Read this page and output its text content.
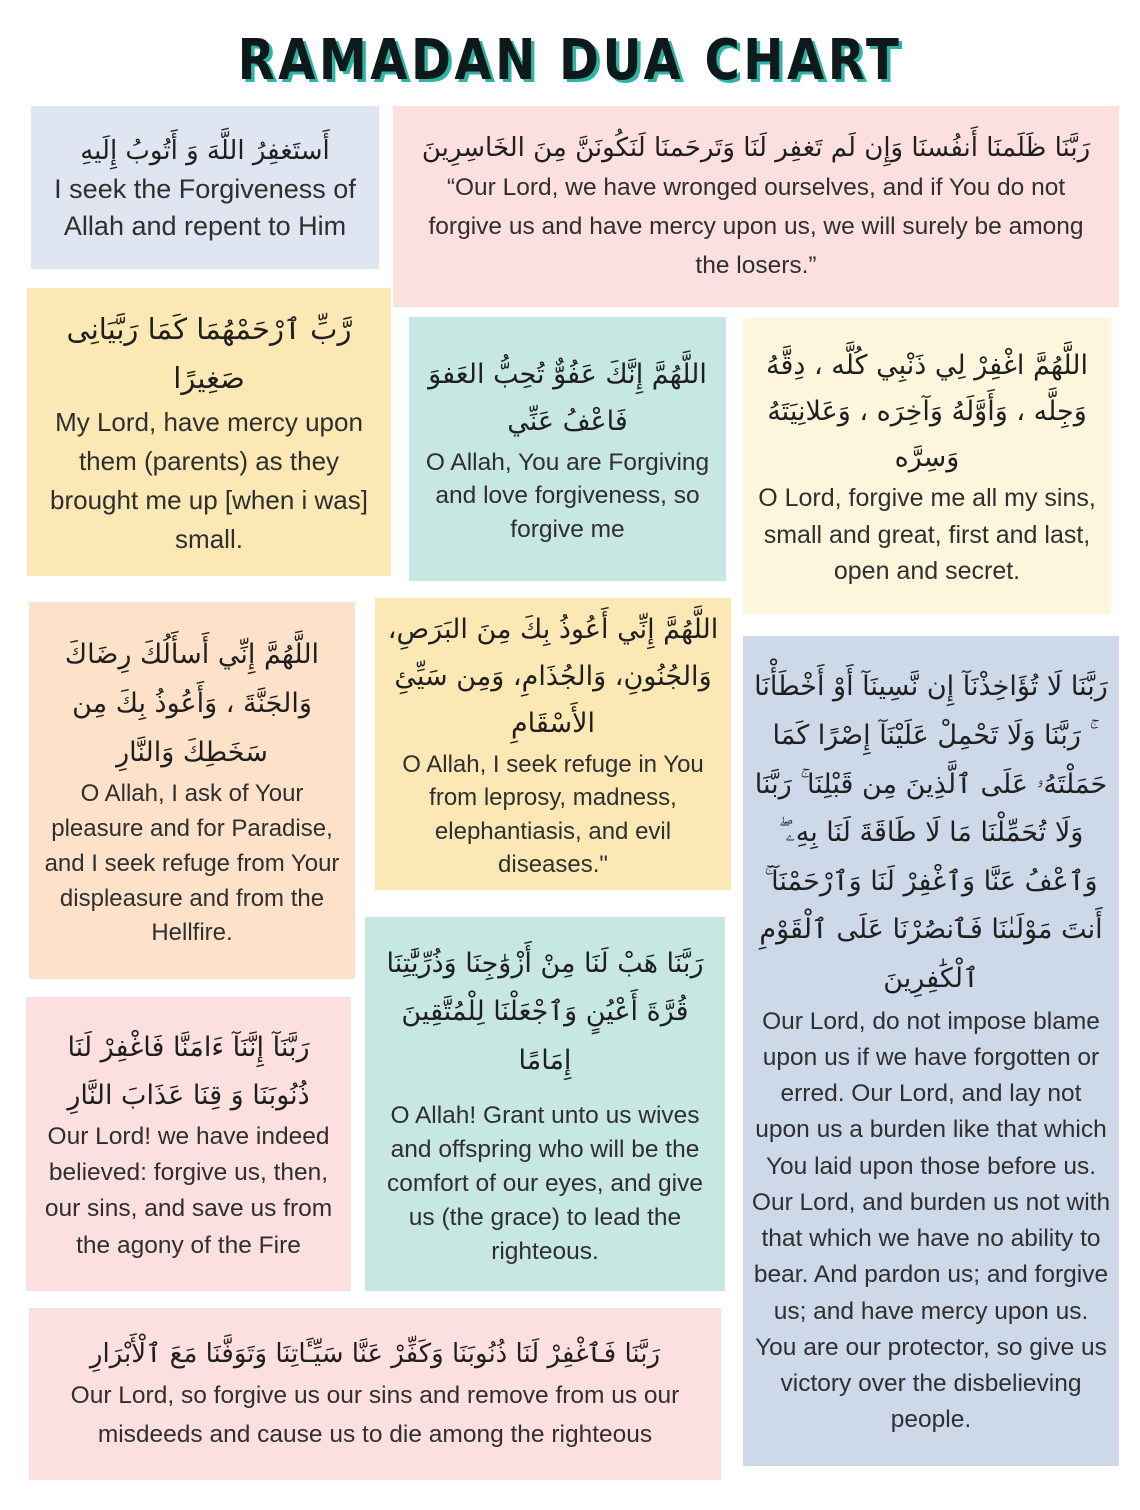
RAMADAN DUA CHART
أَستَغفِرُ اللَّهَ وَ أَتُوبُ إِلَيهِ
I seek the Forgiveness of Allah and repent to Him
رَبَّنَا ظَلَمنَا أَنفُسنَا وَإِن لَم تَغفِر لَنَا وَتَرحَمنَا لَنَكُونَنَّ مِنَ الخَاسِرِينَ
“Our Lord, we have wronged ourselves, and if You do not forgive us and have mercy upon us, we will surely be among the losers.”
رَّبِّ ٱرْحَمْهُمَا كَمَا رَبَّيَانِى صَغِيرًا
My Lord, have mercy upon them (parents) as they brought me up [when i was] small.
اللَّهُمَّ إِنَّكَ عَفُوٌّ تُحِبُّ العَفوَ فَاعْفُ عَنِّي
O Allah, You are Forgiving and love forgiveness, so forgive me
اللَّهُمَّ اغْفِرْ لِي ذَنْبِي كُلَّه ، دِقَّهُ وَجِلَّه ، وَأَوَّلَهُ وَآخِرَه ، وَعَلانِيَتَهُ وَسِرَّه
O Lord, forgive me all my sins, small and great, first and last, open and secret.
اللَّهُمَّ إِنِّي أَسأَلُكَ رِضَاكَ وَالجَنَّةَ ، وَأَعُوذُ بِكَ مِن سَخَطِكَ وَالنَّارِ
O Allah, I ask of Your pleasure and for Paradise, and I seek refuge from Your displeasure and from the Hellfire.
اللَّهُمَّ إِنِّي أَعُوذُ بِكَ مِنَ البَرَصِ، وَالجُنُونِ، وَالجُذَامِ، وَمِن سَيِّئِ الأَسْقَامِ
O Allah, I seek refuge in You from leprosy, madness, elephantiasis, and evil diseases."
رَبَّنَا لَا تُؤَاخِذْنَآ إِن نَّسِينَآ أَوْ أَخْطَأْنَا ۚ رَبَّنَا وَلَا تَحْمِلْ عَلَيْنَآ إِصْرًا كَمَا حَمَلْتَهُۥ عَلَى ٱلَّذِينَ مِن قَبْلِنَا ۚ رَبَّنَا وَلَا تُحَمِّلْنَا مَا لَا طَاقَةَ لَنَا بِهِۦ ۖ وَٱعْفُ عَنَّا وَٱغْفِرْ لَنَا وَٱرْحَمْنَآ ۚ أَنتَ مَوْلَىٰنَا فَٱنصُرْنَا عَلَى ٱلْقَوْمِ ٱلْكَٰفِرِينَ
Our Lord, do not impose blame upon us if we have forgotten or erred. Our Lord, and lay not upon us a burden like that which You laid upon those before us. Our Lord, and burden us not with that which we have no ability to bear. And pardon us; and forgive us; and have mercy upon us. You are our protector, so give us victory over the disbelieving people.
رَبَّنَا هَبْ لَنَا مِنْ أَزْوَٰجِنَا وَذُرِّيَّٰتِنَا قُرَّةَ أَعْيُنٍ وَٱجْعَلْنَا لِلْمُتَّقِينَ إِمَامًا
O Allah! Grant unto us wives and offspring who will be the comfort of our eyes, and give us (the grace) to lead the righteous.
رَبَّنَآ إِنَّنَآ ءَامَنَّا فَاغْفِرْ لَنَا ذُنُوبَنَا وَ قِنَا عَذَابَ النَّارِ
Our Lord! we have indeed believed: forgive us, then, our sins, and save us from the agony of the Fire
رَبَّنَا فَٱغْفِرْ لَنَا ذُنُوبَنَا وَكَفِّرْ عَنَّا سَيِّـَٔاتِنَا وَتَوَفَّنَا مَعَ ٱلْأَبْرَارِ
Our Lord, so forgive us our sins and remove from us our misdeeds and cause us to die among the righteous
